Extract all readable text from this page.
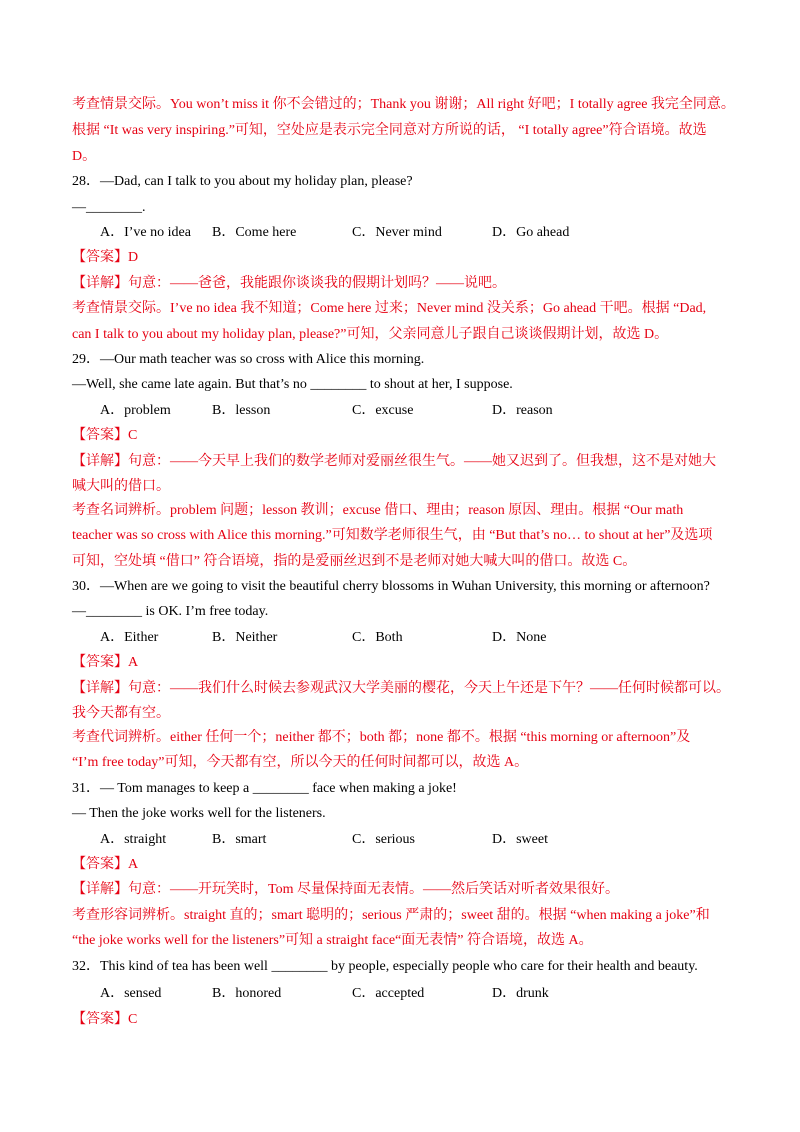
考查情景交际。You won’t miss it 你不会错过的；Thank you 谢谢；All right 好吧；I totally agree 我完全同意。
根据 “It was very inspiring.”可知，空处应是表示完全同意对方所说的话， “I totally agree”符合语境。故选
D。
28．—Dad, can I talk to you about my holiday plan, please?
—________.
A．I’ve no idea B．Come here	C．Never mind	D．Go ahead
【答案】D
【详解】句意：——爸爸，我能跟你谈谈我的假期计划吗？——说吧。
考查情景交际。I’ve no idea 我不知道；Come here 过来；Never mind 没关系；Go ahead 干吧。根据 “Dad,
can I talk to you about my holiday plan, please?”可知，父亲同意儿子跟自己谈谈假期计划，故选 D。
29．—Our math teacher was so cross with Alice this morning.
—Well, she came late again. But that’s no ________ to shout at her, I suppose.
A．problem	B．lesson	C．excuse	D．reason
【答案】C
【详解】句意：——今天早上我们的数学老师对爱丽丝很生气。——她又迟到了。但我想，这不是对她大
喊大叫的借口。
考查名词辨析。problem 问题；lesson 教训；excuse 借口、理由；reason 原因、理由。根据 “Our math
teacher was so cross with Alice this morning.”可知数学老师很生气，由 “But that’s no… to shout at her”及选项
可知，空处填 “借口” 符合语境，指的是爱丽丝迟到不是老师对她大喊大叫的借口。故选 C。
30．—When are we going to visit the beautiful cherry blossoms in Wuhan University, this morning or afternoon?
—________ is OK. I’m free today.
A．Either	B．Neither	C．Both	D．None
【答案】A
【详解】句意：——我们什么时候去参观武汉大学美丽的樱花，今天上午还是下午？——任何时候都可以。
我今天都有空。
考查代词辨析。either 任何一个；neither 都不；both 都；none 都不。根据 “this morning or afternoon”及
“I’m free today”可知，今天都有空，所以今天的任何时间都可以，故选 A。
31．— Tom manages to keep a ________ face when making a joke!
— Then the joke works well for the listeners.
A．straight	B．smart	C．serious	D．sweet
【答案】A
【详解】句意：——开玩笑时，Tom 尽量保持面无表情。——然后笑话对听者效果很好。
考查形容词辨析。straight 直的；smart 聪明的；serious 严肃的；sweet 甜的。根据 “when making a joke”和
“the joke works well for the listeners”可知 a straight face“面无表情” 符合语境，故选 A。
32．This kind of tea has been well ________ by people, especially people who care for their health and beauty.
A．sensed	B．honored	C．accepted	D．drunk
【答案】C
